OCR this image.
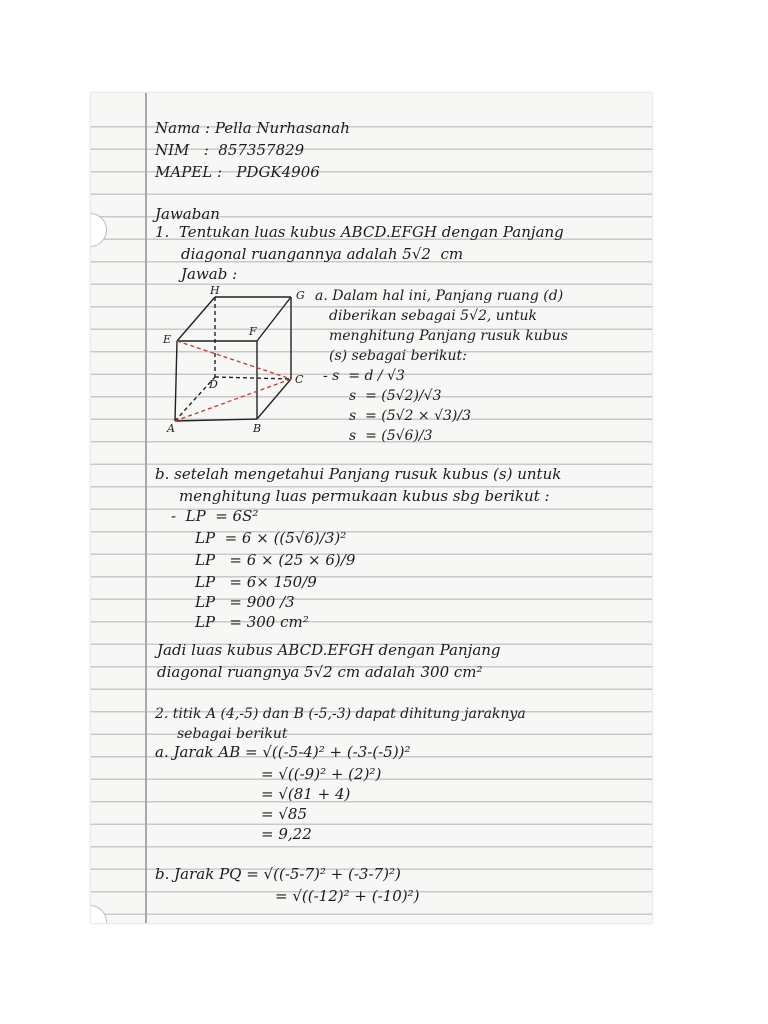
Nama : Pella Nurhasanah
NIM   :  857357829
MAPEL :   PDGK4906
Jawaban
1.  Tentukan luas kubus ABCD.EFGH dengan Panjang
diagonal ruangannya adalah 5√2  cm
Jawab :
H	G
E
F
D	C
A	B
a. Dalam hal ini, Panjang ruang (d)
diberikan sebagai 5√2, untuk
menghitung Panjang rusuk kubus
(s) sebagai berikut:
- s  = d / √3
s  = (5√2)/√3
s  = (5√2 × √3)/3
s  = (5√6)/3
b. setelah mengetahui Panjang rusuk kubus (s) untuk
menghitung luas permukaan kubus sbg berikut :
-  LP  = 6S²
LP  = 6 × ((5√6)/3)²
LP   = 6 × (25 × 6)/9
LP   = 6× 150/9
LP   = 900 /3
LP   = 300 cm²
Jadi luas kubus ABCD.EFGH dengan Panjang
diagonal ruangnya 5√2 cm adalah 300 cm²
2. titik A (4,-5) dan B (-5,-3) dapat dihitung jaraknya
sebagai berikut
a. Jarak AB = √((-5-4)² + (-3-(-5))²
= √((-9)² + (2)²)
= √(81 + 4)
= √85
= 9,22
b. Jarak PQ = √((-5-7)² + (-3-7)²)
= √((-12)² + (-10)²)
